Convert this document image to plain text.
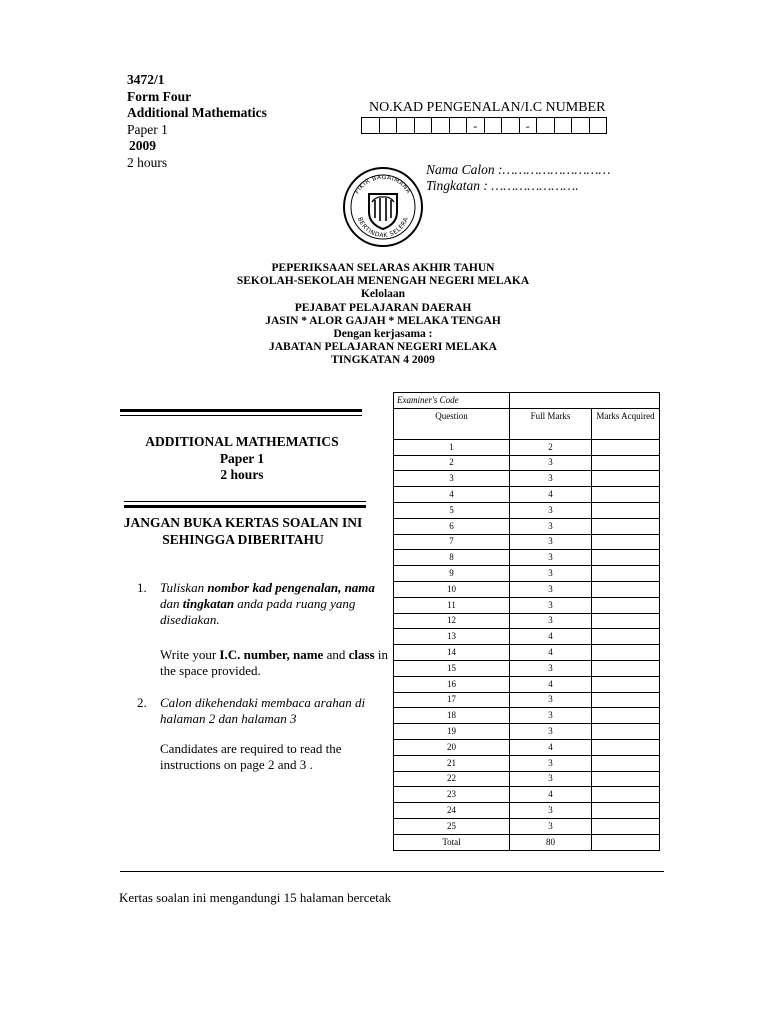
3472/1
Form Four
Additional Mathematics
Paper 1
2009
2 hours
NO.KAD PENGENALAN/I.C NUMBER
						-			-				
Nama Calon :………………………
Tingkatan : ………………….
FIKIR BAGAIMANA
BERTINDAK SELERA
PEPERIKSAAN SELARAS AKHIR TAHUN
SEKOLAH-SEKOLAH MENENGAH NEGERI MELAKA
Kelolaan
PEJABAT PELAJARAN DAERAH
JASIN * ALOR GAJAH * MELAKA TENGAH
Dengan kerjasama :
JABATAN PELAJARAN NEGERI MELAKA
TINGKATAN 4 2009
ADDITIONAL MATHEMATICS
Paper 1
2 hours
JANGAN BUKA KERTAS SOALAN INI
SEHINGGA DIBERITAHU
1. Tuliskan nombor kad pengenalan, nama dan tingkatan anda pada ruang yang disediakan.
Write your I.C. number, name and class in the space provided.
2. Calon dikehendaki membaca arahan di halaman 2 dan halaman 3
Candidates are required to read the instructions on page 2 and 3 .
Examiner's Code		
Question	Full Marks	Marks Acquired
1	2	
2	3	
3	3	
4	4	
5	3	
6	3	
7	3	
8	3	
9	3	
10	3	
11	3	
12	3	
13	4	
14	4	
15	3	
16	4	
17	3	
18	3	
19	3	
20	4	
21	3	
22	3	
23	4	
24	3	
25	3	
Total	80	
Kertas soalan ini mengandungi 15 halaman bercetak
